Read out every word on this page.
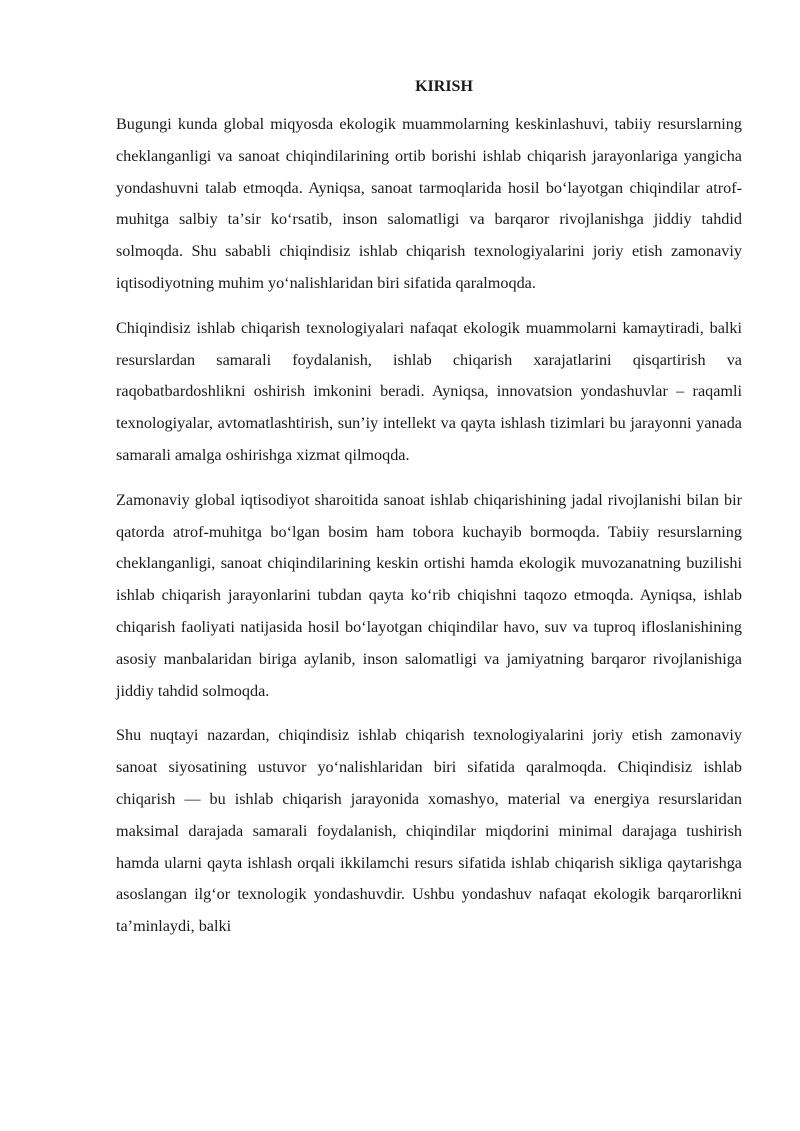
KIRISH

Bugungi kunda global miqyosda ekologik muammolarning keskinlashuvi, tabiiy resurslarning cheklanganligi va sanoat chiqindilarining ortib borishi ishlab chiqarish jarayonlariga yangicha yondashuvni talab etmoqda. Ayniqsa, sanoat tarmoqlarida hosil boʻlayotgan chiqindilar atrof-muhitga salbiy taʼsir koʻrsatib, inson salomatligi va barqaror rivojlanishga jiddiy tahdid solmoqda. Shu sababli chiqindisiz ishlab chiqarish texnologiyalarini joriy etish zamonaviy iqtisodiyotning muhim yoʻnalishlaridan biri sifatida qaralmoqda.

Chiqindisiz ishlab chiqarish texnologiyalari nafaqat ekologik muammolarni kamaytiradi, balki resurslardan samarali foydalanish, ishlab chiqarish xarajatlarini qisqartirish va raqobatbardoshlikni oshirish imkonini beradi. Ayniqsa, innovatsion yondashuvlar – raqamli texnologiyalar, avtomatlashtirish, sun’iy intellekt va qayta ishlash tizimlari bu jarayonni yanada samarali amalga oshirishga xizmat qilmoqda.

Zamonaviy global iqtisodiyot sharoitida sanoat ishlab chiqarishining jadal rivojlanishi bilan bir qatorda atrof-muhitga boʻlgan bosim ham tobora kuchayib bormoqda. Tabiiy resurslarning cheklanganligi, sanoat chiqindilarining keskin ortishi hamda ekologik muvozanatning buzilishi ishlab chiqarish jarayonlarini tubdan qayta koʻrib chiqishni taqozo etmoqda. Ayniqsa, ishlab chiqarish faoliyati natijasida hosil boʻlayotgan chiqindilar havo, suv va tuproq ifloslanishining asosiy manbalaridan biriga aylanib, inson salomatligi va jamiyatning barqaror rivojlanishiga jiddiy tahdid solmoqda.

Shu nuqtayi nazardan, chiqindisiz ishlab chiqarish texnologiyalarini joriy etish zamonaviy sanoat siyosatining ustuvor yoʻnalishlaridan biri sifatida qaralmoqda. Chiqindisiz ishlab chiqarish — bu ishlab chiqarish jarayonida xomashyo, material va energiya resurslaridan maksimal darajada samarali foydalanish, chiqindilar miqdorini minimal darajaga tushirish hamda ularni qayta ishlash orqali ikkilamchi resurs sifatida ishlab chiqarish sikliga qaytarishga asoslangan ilgʻor texnologik yondashuvdir. Ushbu yondashuv nafaqat ekologik barqarorlikni taʼminlaydi, balki
